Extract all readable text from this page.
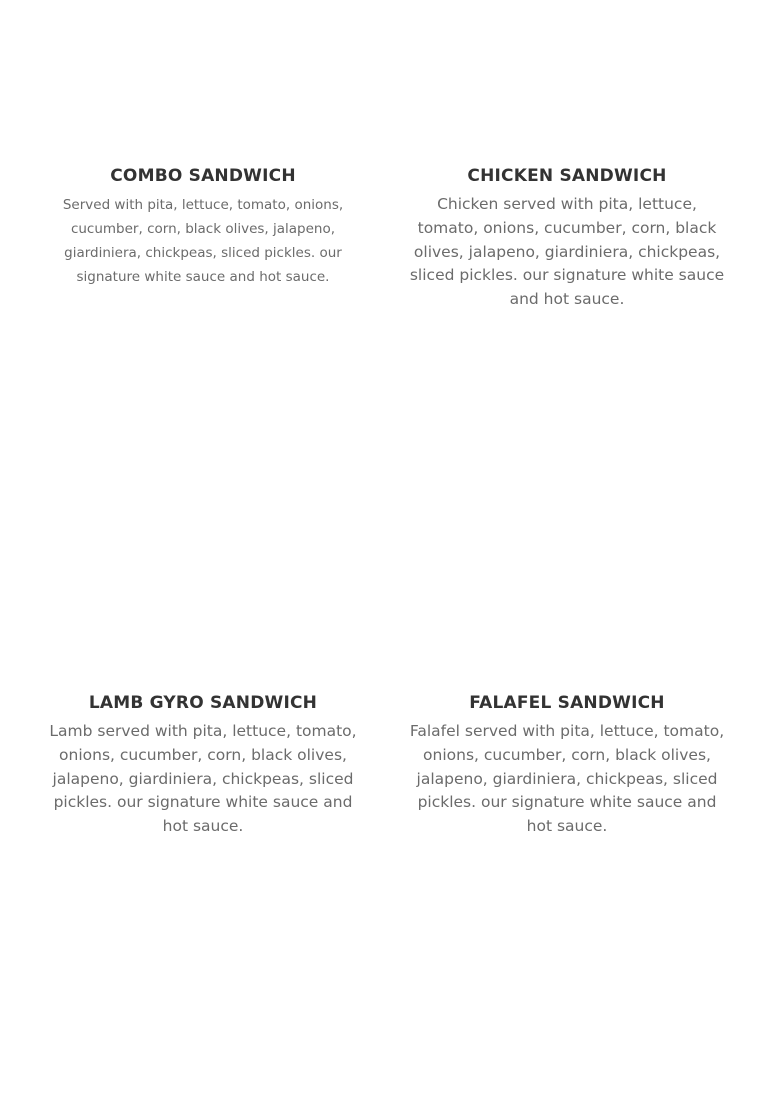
COMBO SANDWICH

Served with pita, lettuce, tomato, onions, cucumber, corn, black olives, jalapeno, giardiniera, chickpeas, sliced pickles. our signature white sauce and hot sauce.

CHICKEN SANDWICH

Chicken served with pita, lettuce, tomato, onions, cucumber, corn, black olives, jalapeno, giardiniera, chickpeas, sliced pickles. our signature white sauce and hot sauce.

LAMB GYRO SANDWICH

Lamb served with pita, lettuce, tomato, onions, cucumber, corn, black olives, jalapeno, giardiniera, chickpeas, sliced pickles. our signature white sauce and hot sauce.

FALAFEL SANDWICH

Falafel served with pita, lettuce, tomato, onions, cucumber, corn, black olives, jalapeno, giardiniera, chickpeas, sliced pickles. our signature white sauce and hot sauce.
